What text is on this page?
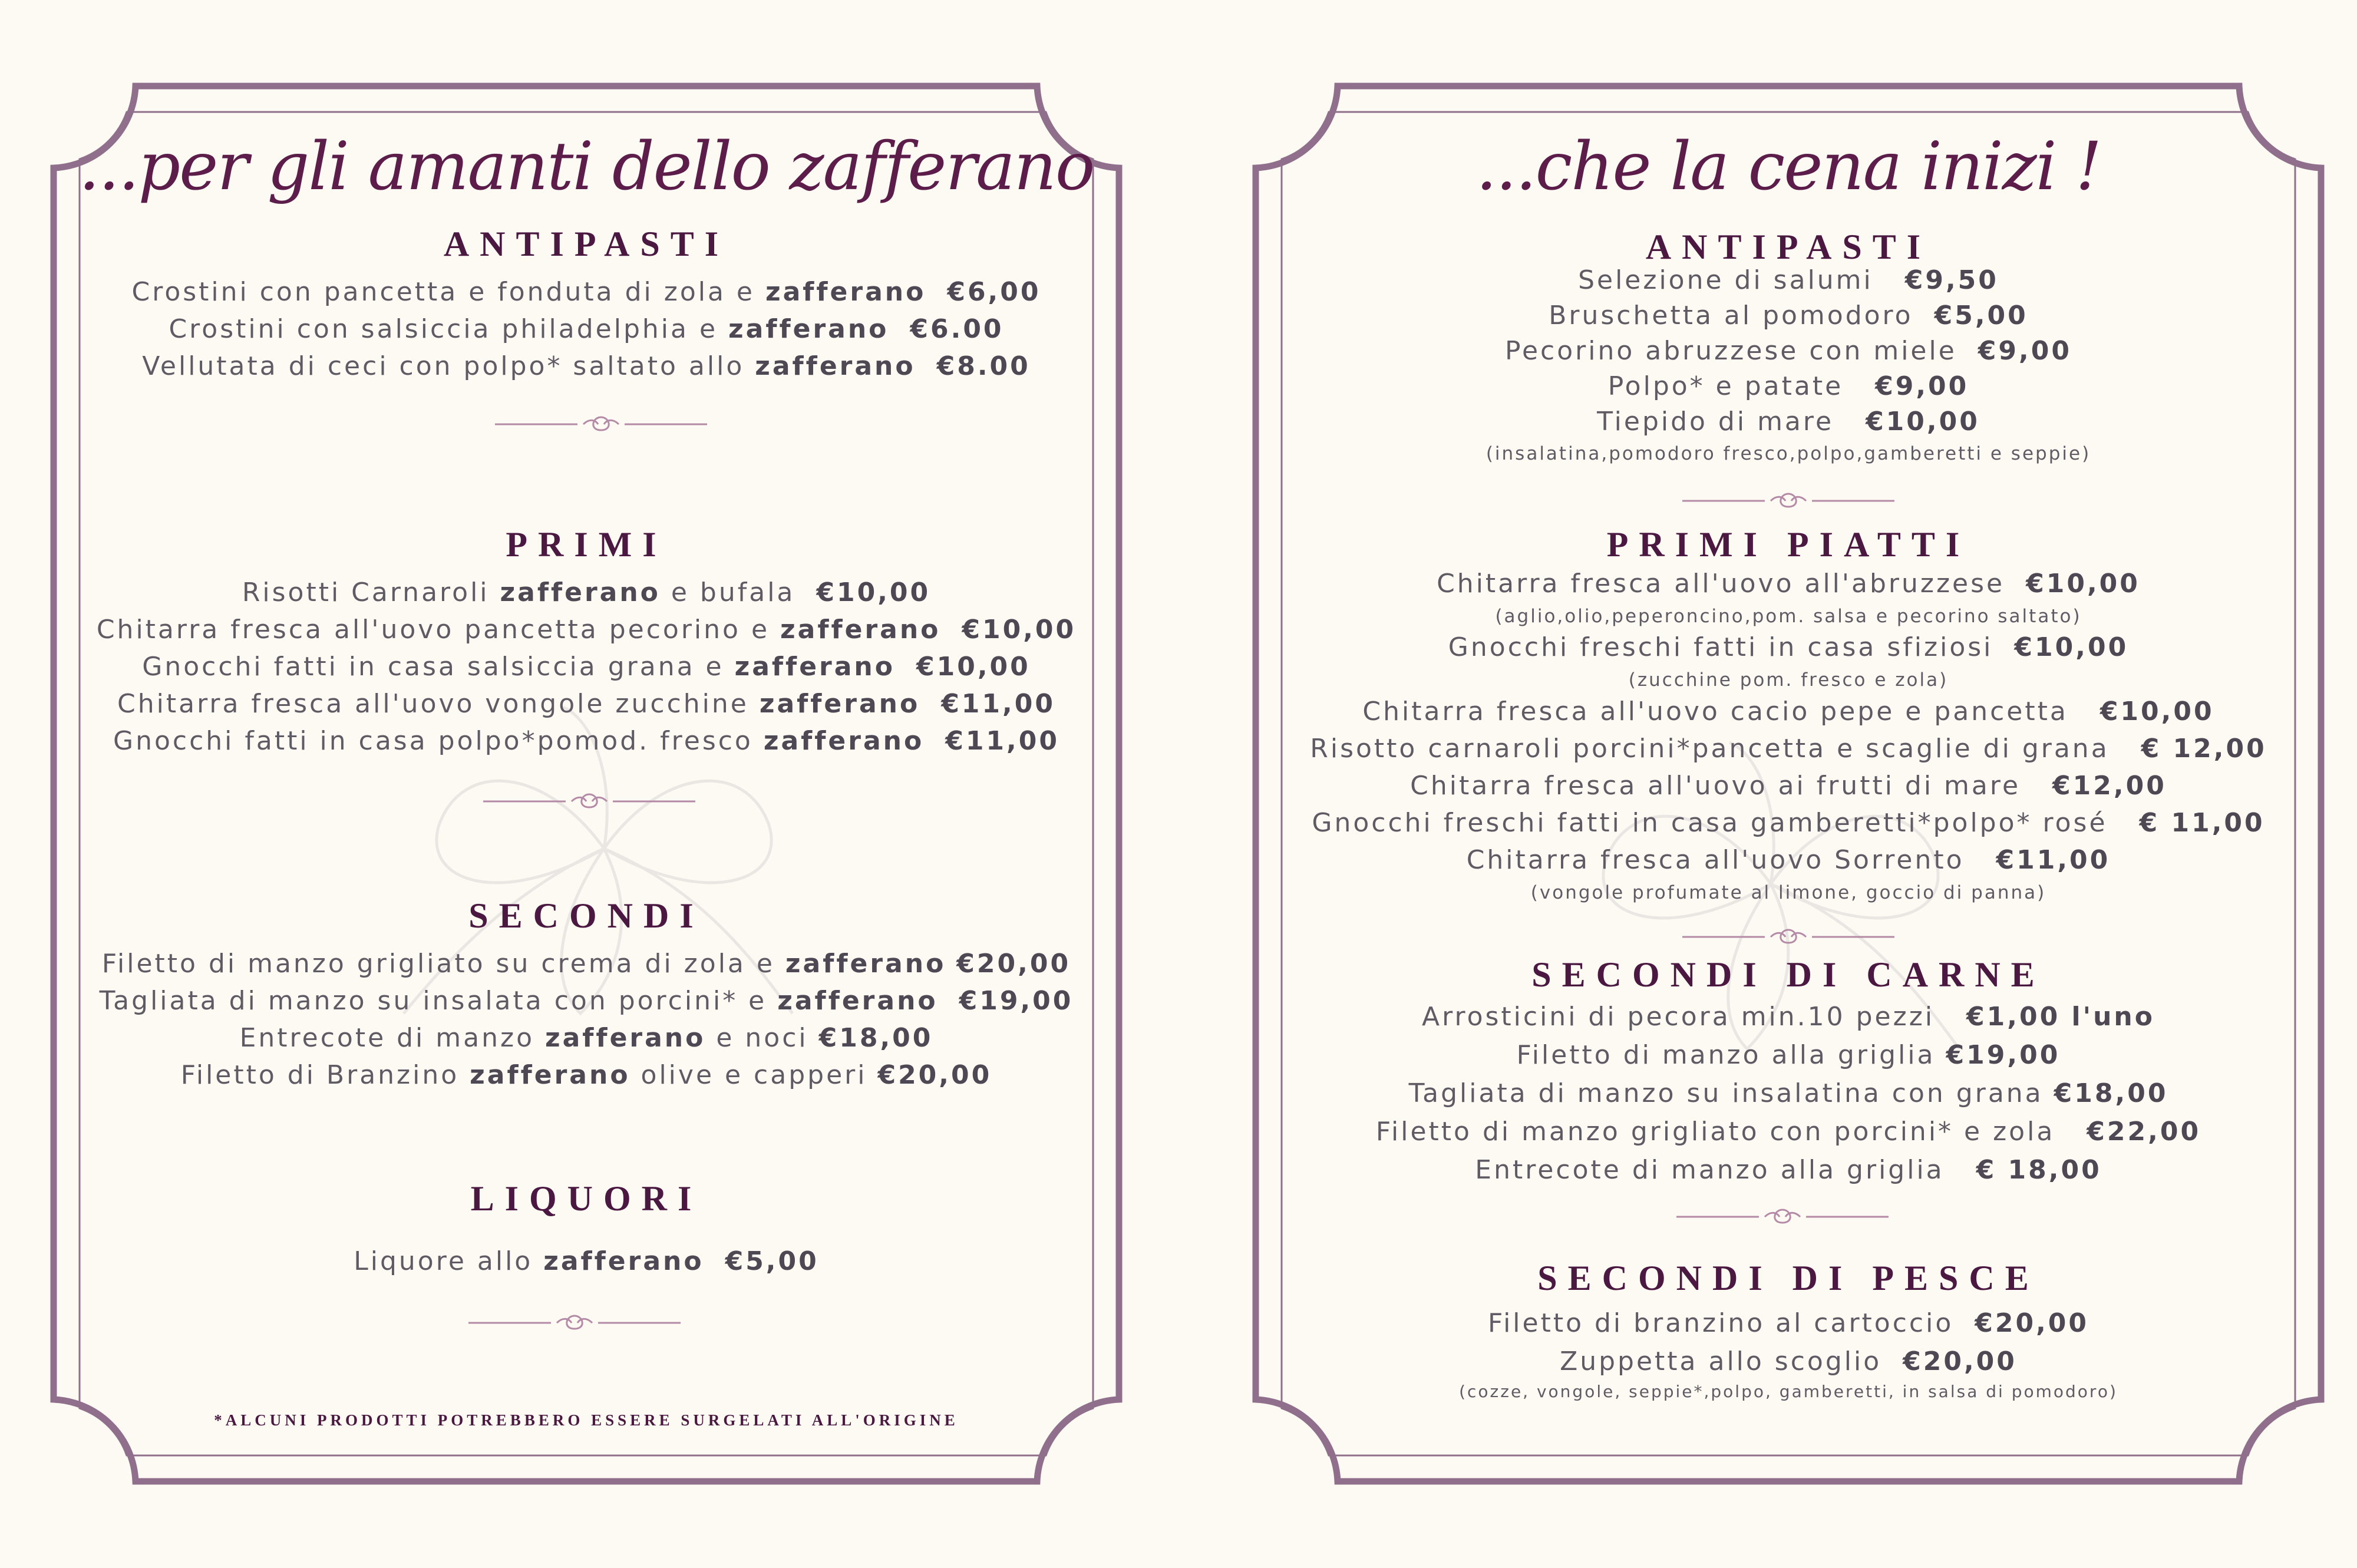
...per gli amanti dello zafferano
ANTIPASTI
Crostini con pancetta e fonduta di zola e zafferano €6,00
Crostini con salsiccia philadelphia e zafferano €6.00
Vellutata di ceci con polpo* saltato allo zafferano €8.00
PRIMI
Risotti Carnaroli zafferano e bufala €10,00
Chitarra fresca all'uovo pancetta pecorino e zafferano €10,00
Gnocchi fatti in casa salsiccia grana e zafferano €10,00
Chitarra fresca all'uovo vongole zucchine zafferano €11,00
Gnocchi fatti in casa polpo*pomod. fresco zafferano €11,00
SECONDI
Filetto di manzo grigliato su crema di zola e zafferano €20,00
Tagliata di manzo su insalata con porcini* e zafferano €19,00
Entrecote di manzo zafferano e noci €18,00
Filetto di Branzino zafferano olive e capperi €20,00
LIQUORI
Liquore allo zafferano €5,00
*ALCUNI PRODOTTI POTREBBERO ESSERE SURGELATI ALL'ORIGINE
...che la cena inizi !
ANTIPASTI
Selezione di salumi €9,50
Bruschetta al pomodoro €5,00
Pecorino abruzzese con miele €9,00
Polpo* e patate €9,00
Tiepido di mare €10,00
(insalatina,pomodoro fresco,polpo,gamberetti e seppie)
PRIMI PIATTI
Chitarra fresca all'uovo all'abruzzese €10,00
(aglio,olio,peperoncino,pom. salsa e pecorino saltato)
Gnocchi freschi fatti in casa sfiziosi €10,00
(zucchine pom. fresco e zola)
Chitarra fresca all'uovo cacio pepe e pancetta €10,00
Risotto carnaroli porcini*pancetta e scaglie di grana € 12,00
Chitarra fresca all'uovo ai frutti di mare €12,00
Gnocchi freschi fatti in casa gamberetti*polpo* rosé € 11,00
Chitarra fresca all'uovo Sorrento €11,00
(vongole profumate al limone, goccio di panna)
SECONDI DI CARNE
Arrosticini di pecora min.10 pezzi €1,00 l'uno
Filetto di manzo alla griglia €19,00
Tagliata di manzo su insalatina con grana €18,00
Filetto di manzo grigliato con porcini* e zola €22,00
Entrecote di manzo alla griglia € 18,00
SECONDI DI PESCE
Filetto di branzino al cartoccio €20,00
Zuppetta allo scoglio €20,00
(cozze, vongole, seppie*,polpo, gamberetti, in salsa di pomodoro)
